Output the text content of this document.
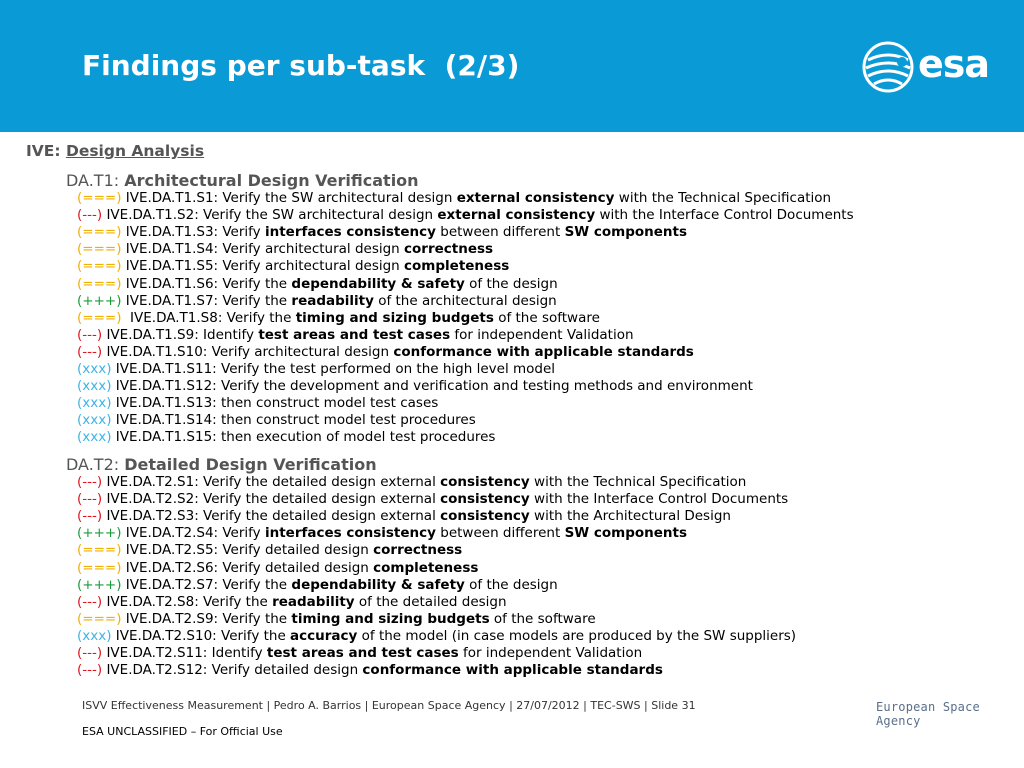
Findings per sub-task  (2/3)	esa
IVE: Design Analysis
DA.T1: Architectural Design Verification
(===) IVE.DA.T1.S1: Verify the SW architectural design external consistency with the Technical Specification
(---) IVE.DA.T1.S2: Verify the SW architectural design external consistency with the Interface Control Documents
(===) IVE.DA.T1.S3: Verify interfaces consistency between different SW components
(===) IVE.DA.T1.S4: Verify architectural design correctness
(===) IVE.DA.T1.S5: Verify architectural design completeness
(===) IVE.DA.T1.S6: Verify the dependability & safety of the design
(+++) IVE.DA.T1.S7: Verify the readability of the architectural design
(===)  IVE.DA.T1.S8: Verify the timing and sizing budgets of the software
(---) IVE.DA.T1.S9: Identify test areas and test cases for independent Validation
(---) IVE.DA.T1.S10: Verify architectural design conformance with applicable standards
(xxx) IVE.DA.T1.S11: Verify the test performed on the high level model
(xxx) IVE.DA.T1.S12: Verify the development and verification and testing methods and environment
(xxx) IVE.DA.T1.S13: then construct model test cases
(xxx) IVE.DA.T1.S14: then construct model test procedures
(xxx) IVE.DA.T1.S15: then execution of model test procedures
DA.T2: Detailed Design Verification
(---) IVE.DA.T2.S1: Verify the detailed design external consistency with the Technical Specification
(---) IVE.DA.T2.S2: Verify the detailed design external consistency with the Interface Control Documents
(---) IVE.DA.T2.S3: Verify the detailed design external consistency with the Architectural Design
(+++) IVE.DA.T2.S4: Verify interfaces consistency between different SW components
(===) IVE.DA.T2.S5: Verify detailed design correctness
(===) IVE.DA.T2.S6: Verify detailed design completeness
(+++) IVE.DA.T2.S7: Verify the dependability & safety of the design
(---) IVE.DA.T2.S8: Verify the readability of the detailed design
(===) IVE.DA.T2.S9: Verify the timing and sizing budgets of the software
(xxx) IVE.DA.T2.S10: Verify the accuracy of the model (in case models are produced by the SW suppliers)
(---) IVE.DA.T2.S11: Identify test areas and test cases for independent Validation
(---) IVE.DA.T2.S12: Verify detailed design conformance with applicable standards
ISVV Effectiveness Measurement | Pedro A. Barrios | European Space Agency | 27/07/2012 | TEC-SWS | Slide 31
ESA UNCLASSIFIED – For Official Use
European Space Agency
